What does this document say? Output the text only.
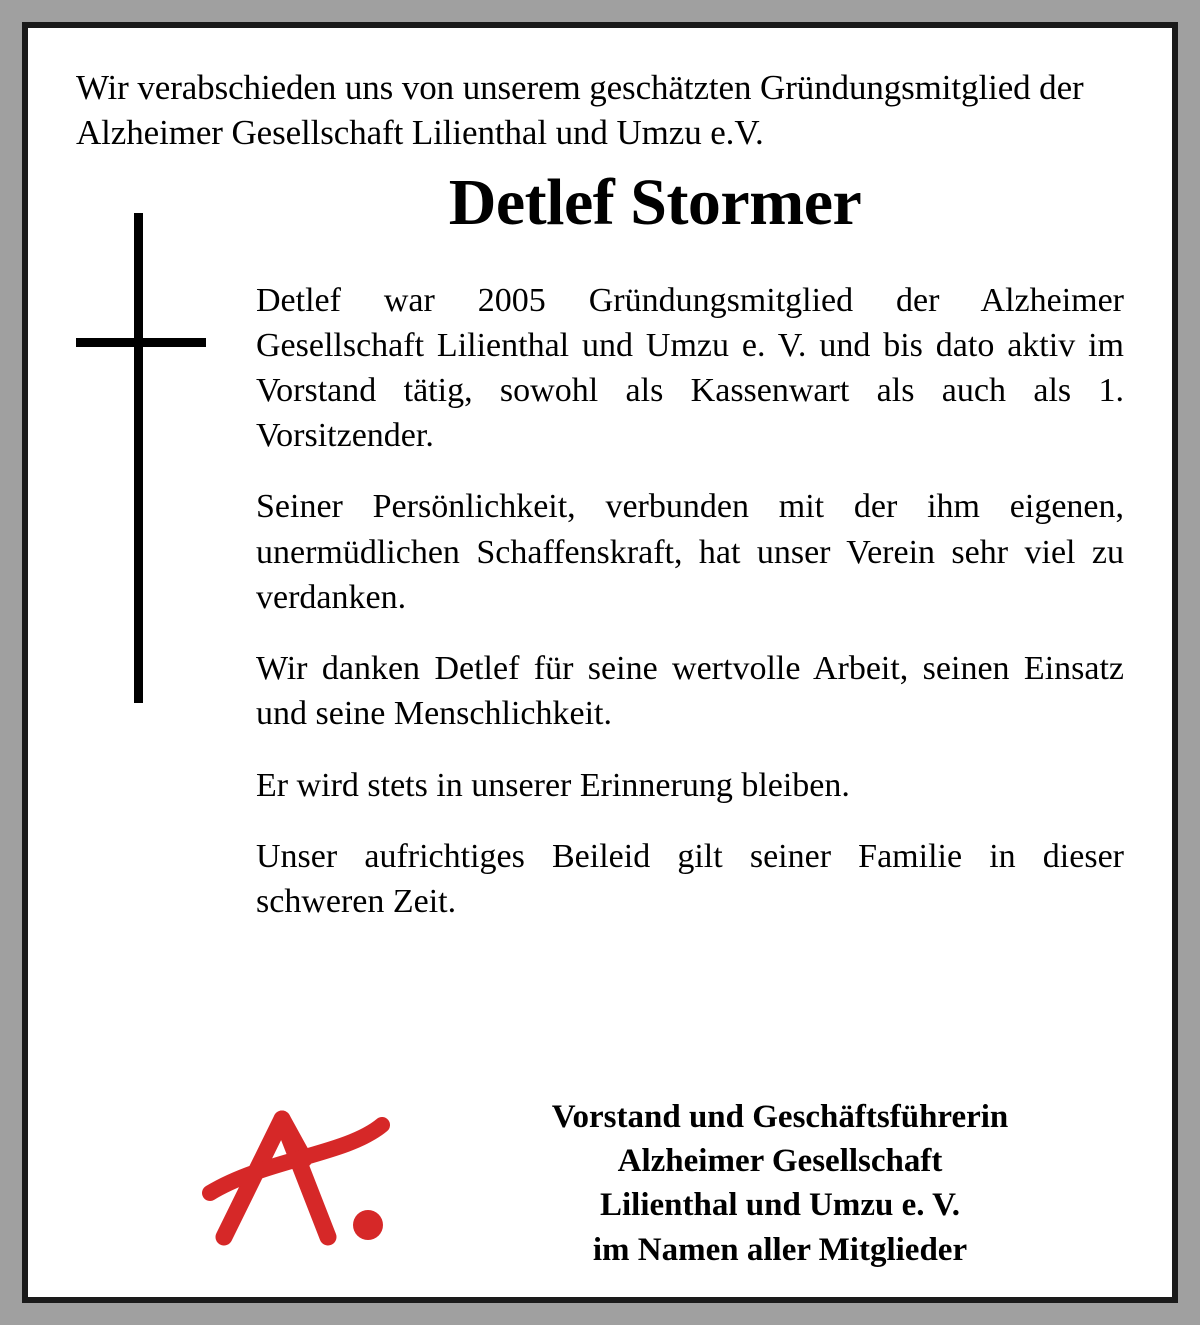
Wir verabschieden uns von unserem geschätzten Gründungsmitglied der Alzheimer Gesellschaft Lilienthal und Umzu e.V.

Detlef Stormer

Detlef war 2005 Gründungsmitglied der Alzheimer Gesellschaft Lilienthal und Umzu e. V. und bis dato aktiv im Vorstand tätig, sowohl als Kassenwart als auch als 1. Vorsitzender.

Seiner Persönlichkeit, verbunden mit der ihm eigenen, unermüdlichen Schaffenskraft, hat unser Verein sehr viel zu verdanken.

Wir danken Detlef für seine wertvolle Arbeit, seinen Einsatz und seine Menschlichkeit.

Er wird stets in unserer Erinnerung bleiben.

Unser aufrichtiges Beileid gilt seiner Familie in dieser schweren Zeit.

Vorstand und Geschäftsführerin
Alzheimer Gesellschaft
Lilienthal und Umzu e. V.
im Namen aller Mitglieder
